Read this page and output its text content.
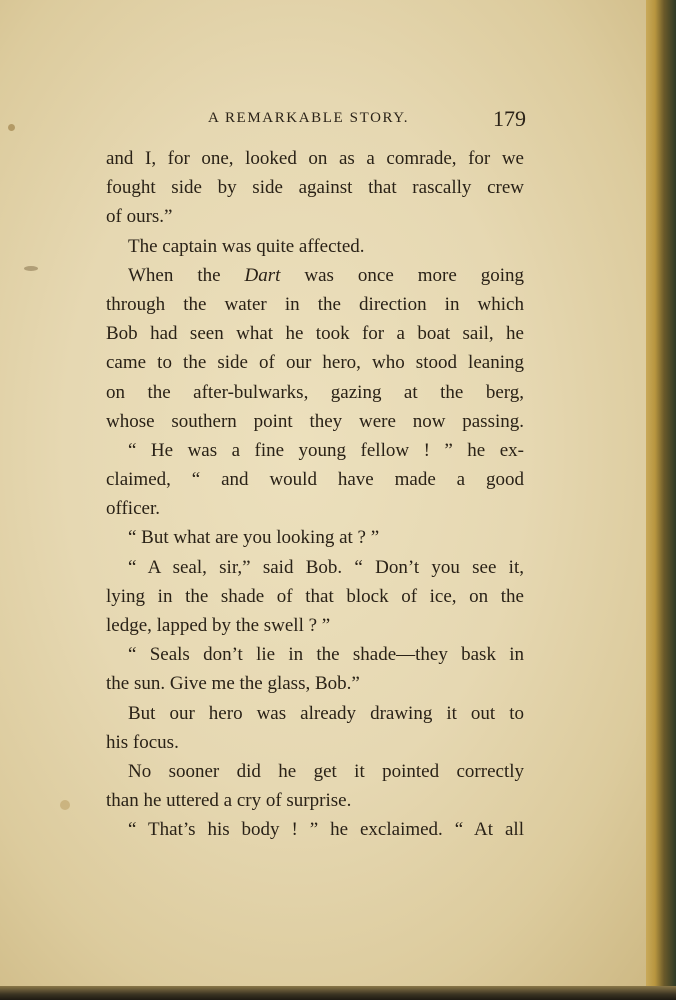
A REMARKABLE STORY.	179
and I, for one, looked on as a comrade, for we
fought side by side against that rascally crew
of ours.”
The captain was quite affected.
When the Dart was once more going
through the water in the direction in which
Bob had seen what he took for a boat sail, he
came to the side of our hero, who stood leaning
on the after-bulwarks, gazing at the berg,
whose southern point they were now passing.
“ He was a fine young fellow ! ” he ex-
claimed, “ and would have made a good
officer.
“ But what are you looking at ? ”
“ A seal, sir,” said Bob. “ Don’t you see it,
lying in the shade of that block of ice, on the
ledge, lapped by the swell ? ”
“ Seals don’t lie in the shade—they bask in
the sun. Give me the glass, Bob.”
But our hero was already drawing it out to
his focus.
No sooner did he get it pointed correctly
than he uttered a cry of surprise.
“ That’s his body ! ” he exclaimed. “ At all
